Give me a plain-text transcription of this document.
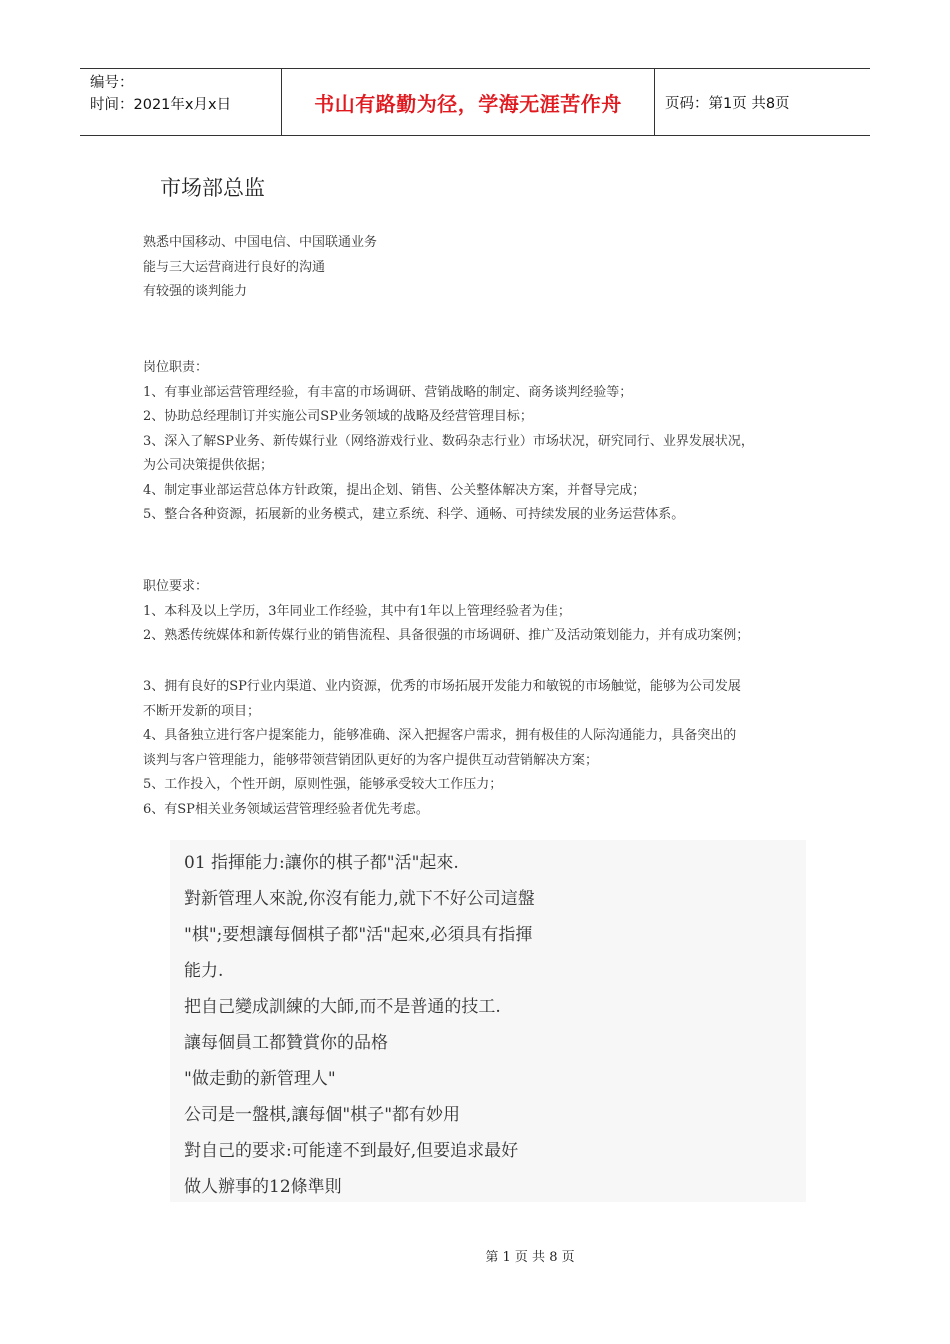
编号：
时间：2021年x月x日	书山有路勤为径，学海无涯苦作舟	页码：第1页 共8页
市场部总监

熟悉中国移动、中国电信、中国联通业务

能与三大运营商进行良好的沟通

有较强的谈判能力

岗位职责：

1、有事业部运营管理经验，有丰富的市场调研、营销战略的制定、商务谈判经验等；

2、协助总经理制订并实施公司SP业务领域的战略及经营管理目标；

3、深入了解SP业务、新传媒行业（网络游戏行业、数码杂志行业）市场状况，研究同行、业界发展状况，

为公司决策提供依据；

4、制定事业部运营总体方针政策，提出企划、销售、公关整体解决方案，并督导完成；

5、整合各种资源，拓展新的业务模式，建立系统、科学、通畅、可持续发展的业务运营体系。

职位要求：

1、本科及以上学历，3年同业工作经验，其中有1年以上管理经验者为佳；

2、熟悉传统媒体和新传媒行业的销售流程、具备很强的市场调研、推广及活动策划能力，并有成功案例；

3、拥有良好的SP行业内渠道、业内资源，优秀的市场拓展开发能力和敏锐的市场触觉，能够为公司发展

不断开发新的项目；

4、具备独立进行客户提案能力，能够准确、深入把握客户需求，拥有极佳的人际沟通能力，具备突出的

谈判与客户管理能力，能够带领营销团队更好的为客户提供互动营销解决方案；

5、工作投入，个性开朗，原则性强，能够承受较大工作压力；

6、有SP相关业务领域运营管理经验者优先考虑。

01 指揮能力:讓你的棋子都"活"起來.

對新管理人來說,你沒有能力,就下不好公司這盤

"棋";要想讓每個棋子都"活"起來,必須具有指揮

能力.

把自己變成訓練的大師,而不是普通的技工.

讓每個員工都贊賞你的品格

"做走動的新管理人"

公司是一盤棋,讓每個"棋子"都有妙用

對自己的要求:可能達不到最好,但要追求最好

做人辦事的12條準則

第 1 页 共 8 页
